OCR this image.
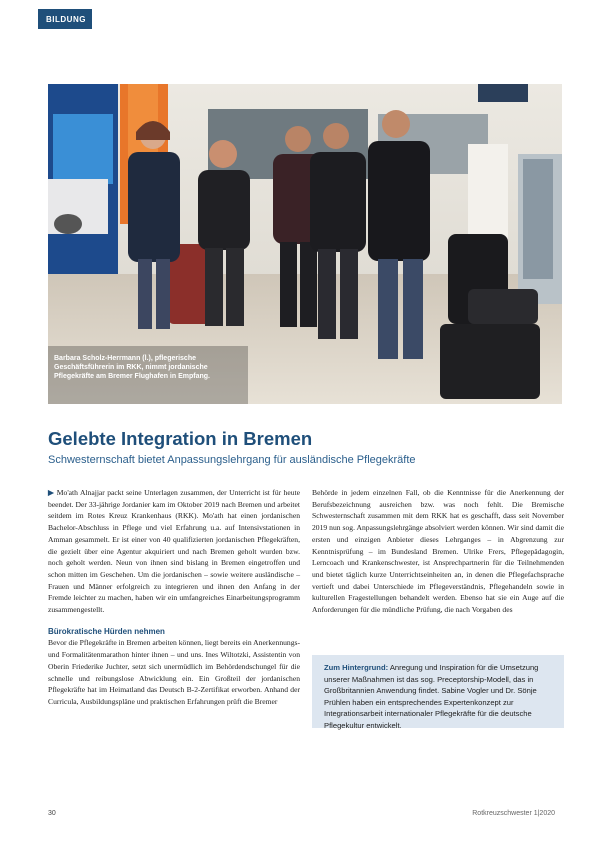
BILDUNG
Barbara Scholz-Herrmann (l.), pflegerische Geschäftsführerin im RKK, nimmt jordanische Pflegekräfte am Bremer Flughafen in Empfang.
Gelebte Integration in Bremen
Schwesternschaft bietet Anpassungslehrgang für ausländische Pflegekräfte

▶ Mo'ath Alnajjar packt seine Unterlagen zusammen, der Unterricht ist für heute beendet. Der 33-jährige Jordanier kam im Oktober 2019 nach Bremen und arbeitet seitdem im Rotes Kreuz Krankenhaus (RKK). Mo'ath hat einen jordanischen Bachelor-Abschluss in Pflege und viel Erfahrung u.a. auf Intensivstationen in Amman gesammelt. Er ist einer von 40 qualifizierten jordanischen Pflegekräften, die gezielt über eine Agentur akquiriert und nach Bremen geholt wurden bzw. noch geholt werden. Neun von ihnen sind bislang in Bremen eingetroffen und schon mitten im Geschehen. Um die jordanischen – sowie weitere ausländische – Frauen und Männer erfolgreich zu integrieren und ihnen den Anfang in der Fremde leichter zu machen, haben wir ein umfangreiches Einarbeitungsprogramm zusammengestellt.

Bürokratische Hürden nehmen

Bevor die Pflegekräfte in Bremen arbeiten können, liegt bereits ein Anerkennungs- und Formalitätenmarathon hinter ihnen – und uns. Ines Wiltotzki, Assistentin von Oberin Friederike Juchter, setzt sich unermüdlich im Behördendschungel für die schnelle und reibungslose Abwicklung ein. Ein Großteil der jordanischen Pflegekräfte hat im Heimatland das Deutsch B-2-Zertifikat erworben. Anhand der Curricula, Ausbildungspläne und praktischen Erfahrungen prüft die Bremer

Behörde in jedem einzelnen Fall, ob die Kenntnisse für die Anerkennung der Berufsbezeichnung ausreichen bzw. was noch fehlt. Die Bremische Schwesternschaft zusammen mit dem RKK hat es geschafft, dass seit November 2019 nun sog. Anpassungslehrgänge absolviert werden können. Wir sind damit die ersten und einzigen Anbieter dieses Lehrganges – in Abgrenzung zur Kenntnisprüfung – im Bundesland Bremen. Ulrike Frers, Pflegepädagogin, Lerncoach und Krankenschwester, ist Ansprechpartnerin für die Teilnehmenden und bietet täglich kurze Unterrichtseinheiten an, in denen die Pflegefachsprache vertieft und dabei Unterschiede im Pflegeverständnis, Pflegehandeln sowie in kulturellen Fragestellungen behandelt werden. Ebenso hat sie ein Auge auf die Anforderungen für die mündliche Prüfung, die nach Vorgaben des

Zum Hintergrund: Anregung und Inspiration für die Umsetzung unserer Maßnahmen ist das sog. Preceptorship-Modell, das in Großbritannien Anwendung findet. Sabine Vogler und Dr. Sönje Prühlen haben ein entsprechendes Expertenkonzept zur Integrationsarbeit internationaler Pflegekräfte für die deutsche Pflegekultur entwickelt.
30	Rotkreuzschwester 1|2020
